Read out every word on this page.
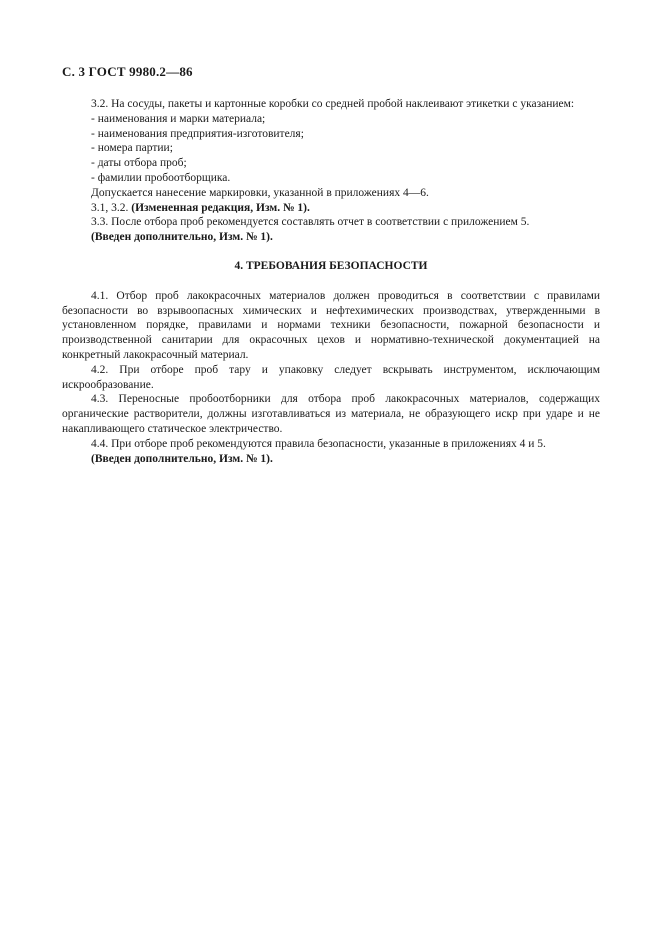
С. 3 ГОСТ 9980.2—86

3.2. На сосуды, пакеты и картонные коробки со средней пробой наклеивают этикетки с указанием:

- наименования и марки материала;

- наименования предприятия-изготовителя;

- номера партии;

- даты отбора проб;

- фамилии пробоотборщика.

Допускается нанесение маркировки, указанной в приложениях 4—6.

3.1, 3.2. (Измененная редакция, Изм. № 1).

3.3. После отбора проб рекомендуется составлять отчет в соответствии с приложением 5.

(Введен дополнительно, Изм. № 1).

4. ТРЕБОВАНИЯ БЕЗОПАСНОСТИ

4.1. Отбор проб лакокрасочных материалов должен проводиться в соответствии с правилами безопасности во взрывоопасных химических и нефтехимических производствах, утвержденными в установленном порядке, правилами и нормами техники безопасности, пожарной безопасности и производственной санитарии для окрасочных цехов и нормативно-технической документацией на конкретный лакокрасочный материал.

4.2. При отборе проб тару и упаковку следует вскрывать инструментом, исключающим искрообразование.

4.3. Переносные пробоотборники для отбора проб лакокрасочных материалов, содержащих органические растворители, должны изготавливаться из материала, не образующего искр при ударе и не накапливающего статическое электричество.

4.4. При отборе проб рекомендуются правила безопасности, указанные в приложениях 4 и 5.

(Введен дополнительно, Изм. № 1).
